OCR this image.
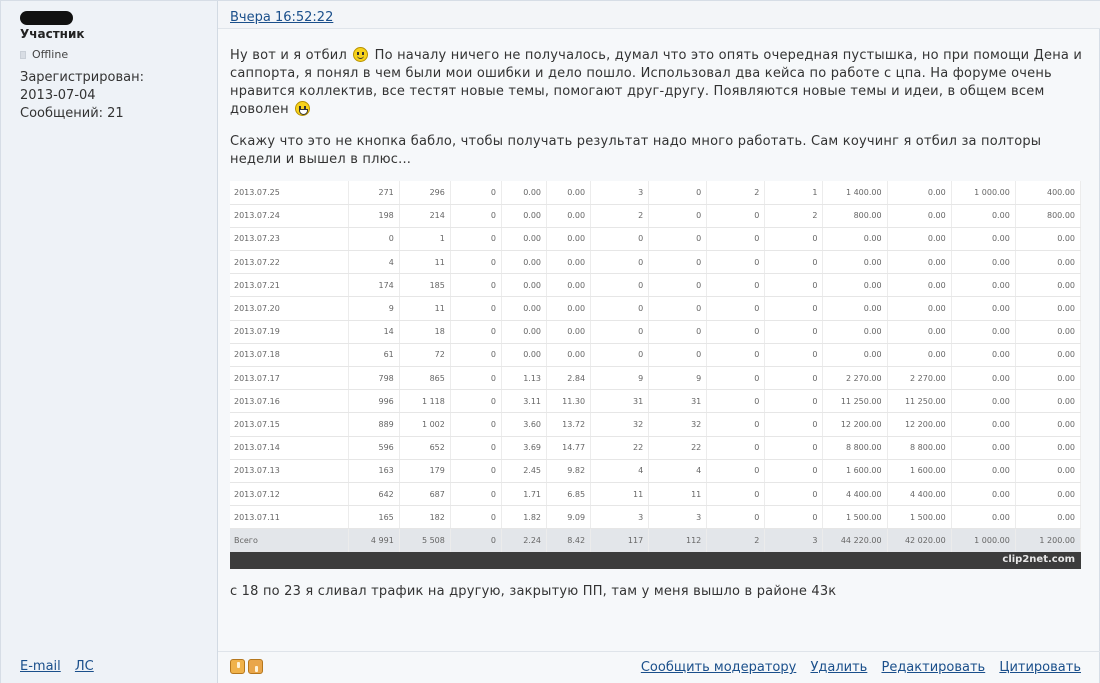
Участник
Offline
Зарегистрирован:
2013-07-04
Сообщений: 21
E-mail ЛС
Вчера 16:52:22

Ну вот и я отбил  По началу ничего не получалось, думал что это опять очередная пустышка, но при помощи Дена и саппорта, я понял в чем были мои ошибки и дело пошло. Использовал два кейса по работе с цпа. На форуме очень нравится коллектив, все тестят новые темы, помогают друг-другу. Появляются новые темы и идеи, в общем всем доволен

Скажу что это не кнопка бабло, чтобы получать результат надо много работать. Сам коучинг я отбил за полторы недели и вышел в плюс...

2013.07.25	271	296	0	0.00	0.00	3	0	2	1	1 400.00	0.00	1 000.00	400.00
2013.07.24	198	214	0	0.00	0.00	2	0	0	2	800.00	0.00	0.00	800.00
2013.07.23	0	1	0	0.00	0.00	0	0	0	0	0.00	0.00	0.00	0.00
2013.07.22	4	11	0	0.00	0.00	0	0	0	0	0.00	0.00	0.00	0.00
2013.07.21	174	185	0	0.00	0.00	0	0	0	0	0.00	0.00	0.00	0.00
2013.07.20	9	11	0	0.00	0.00	0	0	0	0	0.00	0.00	0.00	0.00
2013.07.19	14	18	0	0.00	0.00	0	0	0	0	0.00	0.00	0.00	0.00
2013.07.18	61	72	0	0.00	0.00	0	0	0	0	0.00	0.00	0.00	0.00
2013.07.17	798	865	0	1.13	2.84	9	9	0	0	2 270.00	2 270.00	0.00	0.00
2013.07.16	996	1 118	0	3.11	11.30	31	31	0	0	11 250.00	11 250.00	0.00	0.00
2013.07.15	889	1 002	0	3.60	13.72	32	32	0	0	12 200.00	12 200.00	0.00	0.00
2013.07.14	596	652	0	3.69	14.77	22	22	0	0	8 800.00	8 800.00	0.00	0.00
2013.07.13	163	179	0	2.45	9.82	4	4	0	0	1 600.00	1 600.00	0.00	0.00
2013.07.12	642	687	0	1.71	6.85	11	11	0	0	4 400.00	4 400.00	0.00	0.00
2013.07.11	165	182	0	1.82	9.09	3	3	0	0	1 500.00	1 500.00	0.00	0.00
Всего	4 991	5 508	0	2.24	8.42	117	112	2	3	44 220.00	42 020.00	1 000.00	1 200.00
clip2net.com
с 18 по 23 я сливал трафик на другую, закрытую ПП, там у меня вышло в районе 43к
Сообщить модератору Удалить Редактировать Цитировать
